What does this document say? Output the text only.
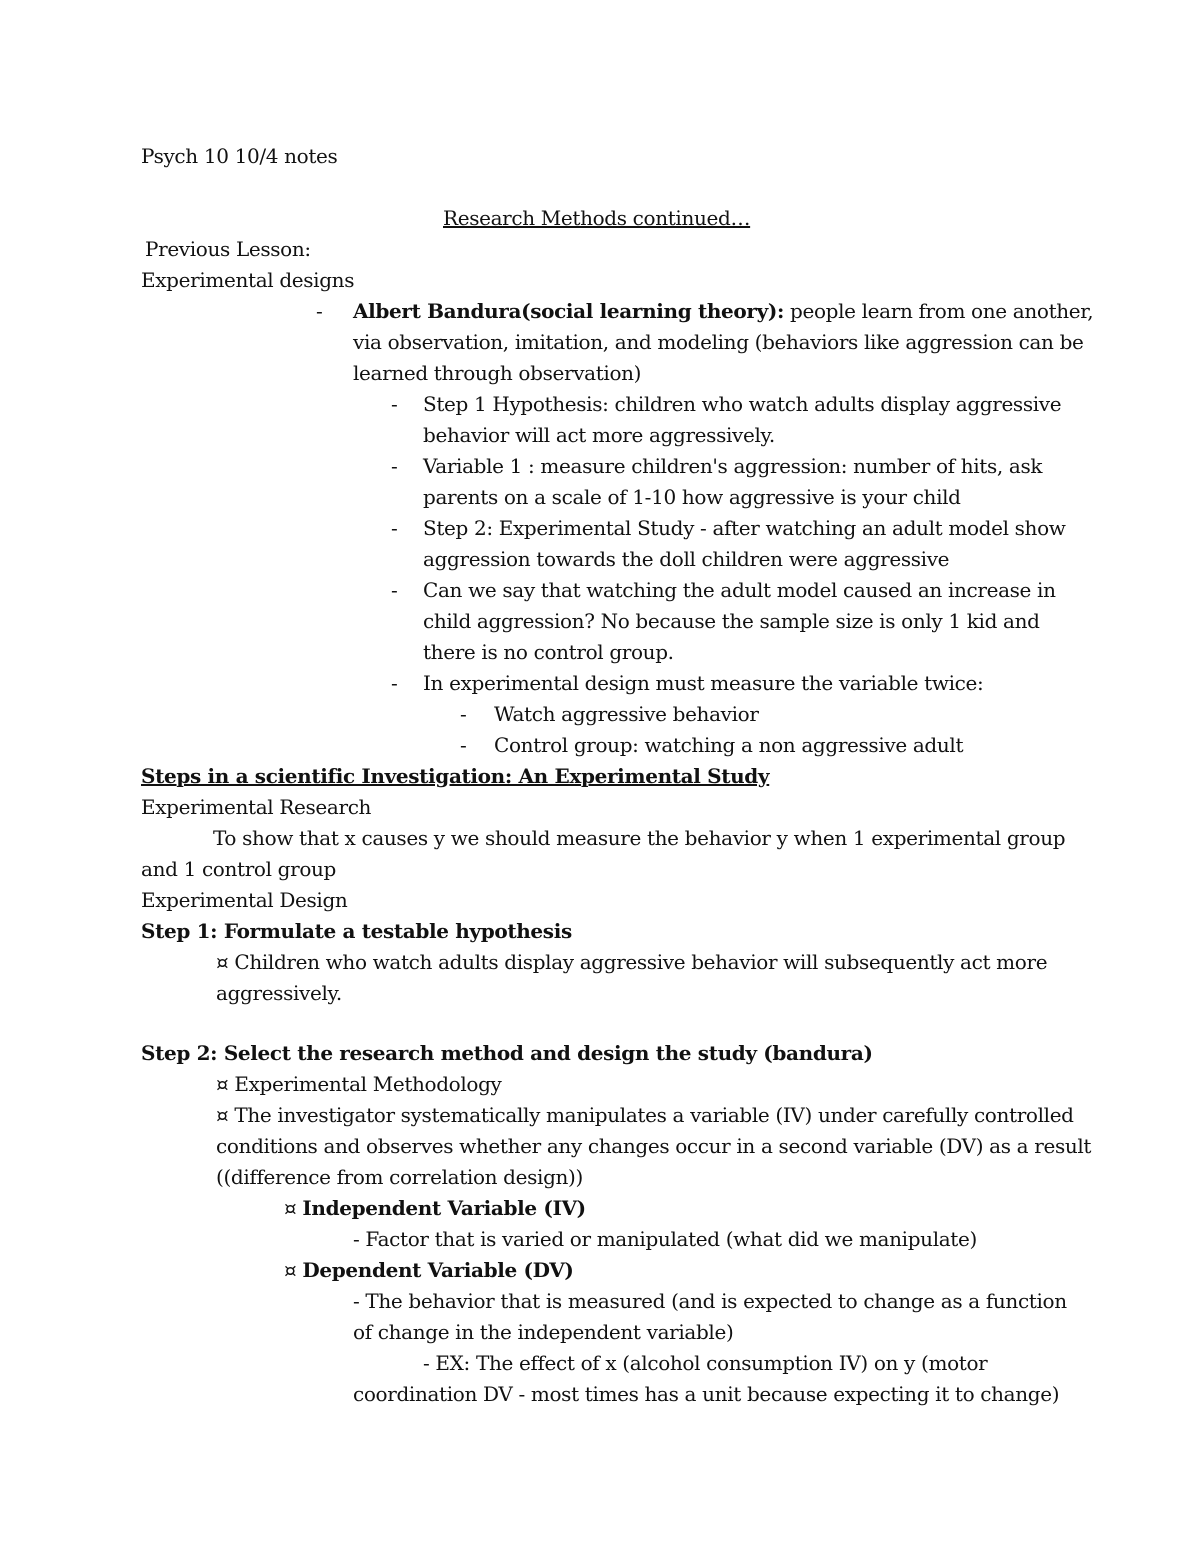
Psych 10 10/4 notes
Research Methods continued…
Previous Lesson:
Experimental designs
- Albert Bandura(social learning theory): people learn from one another,
via observation, imitation, and modeling (behaviors like aggression can be
learned through observation)
- Step 1 Hypothesis: children who watch adults display aggressive
behavior will act more aggressively.
- Variable 1 : measure children's aggression: number of hits, ask
parents on a scale of 1-10 how aggressive is your child
- Step 2: Experimental Study - after watching an adult model show
aggression towards the doll children were aggressive
- Can we say that watching the adult model caused an increase in
child aggression? No because the sample size is only 1 kid and
there is no control group.
- In experimental design must measure the variable twice:
- Watch aggressive behavior
- Control group: watching a non aggressive adult
Steps in a scientific Investigation: An Experimental Study
Experimental Research
To show that x causes y we should measure the behavior y when 1 experimental group
and 1 control group
Experimental Design
Step 1: Formulate a testable hypothesis
¤ Children who watch adults display aggressive behavior will subsequently act more
aggressively.
Step 2: Select the research method and design the study (bandura)
¤ Experimental Methodology
¤ The investigator systematically manipulates a variable (IV) under carefully controlled
conditions and observes whether any changes occur in a second variable (DV) as a result
((difference from correlation design))
¤ Independent Variable (IV)
- Factor that is varied or manipulated (what did we manipulate)
¤ Dependent Variable (DV)
- The behavior that is measured (and is expected to change as a function
of change in the independent variable)
- EX: The effect of x (alcohol consumption IV) on y (motor
coordination DV - most times has a unit because expecting it to change)
